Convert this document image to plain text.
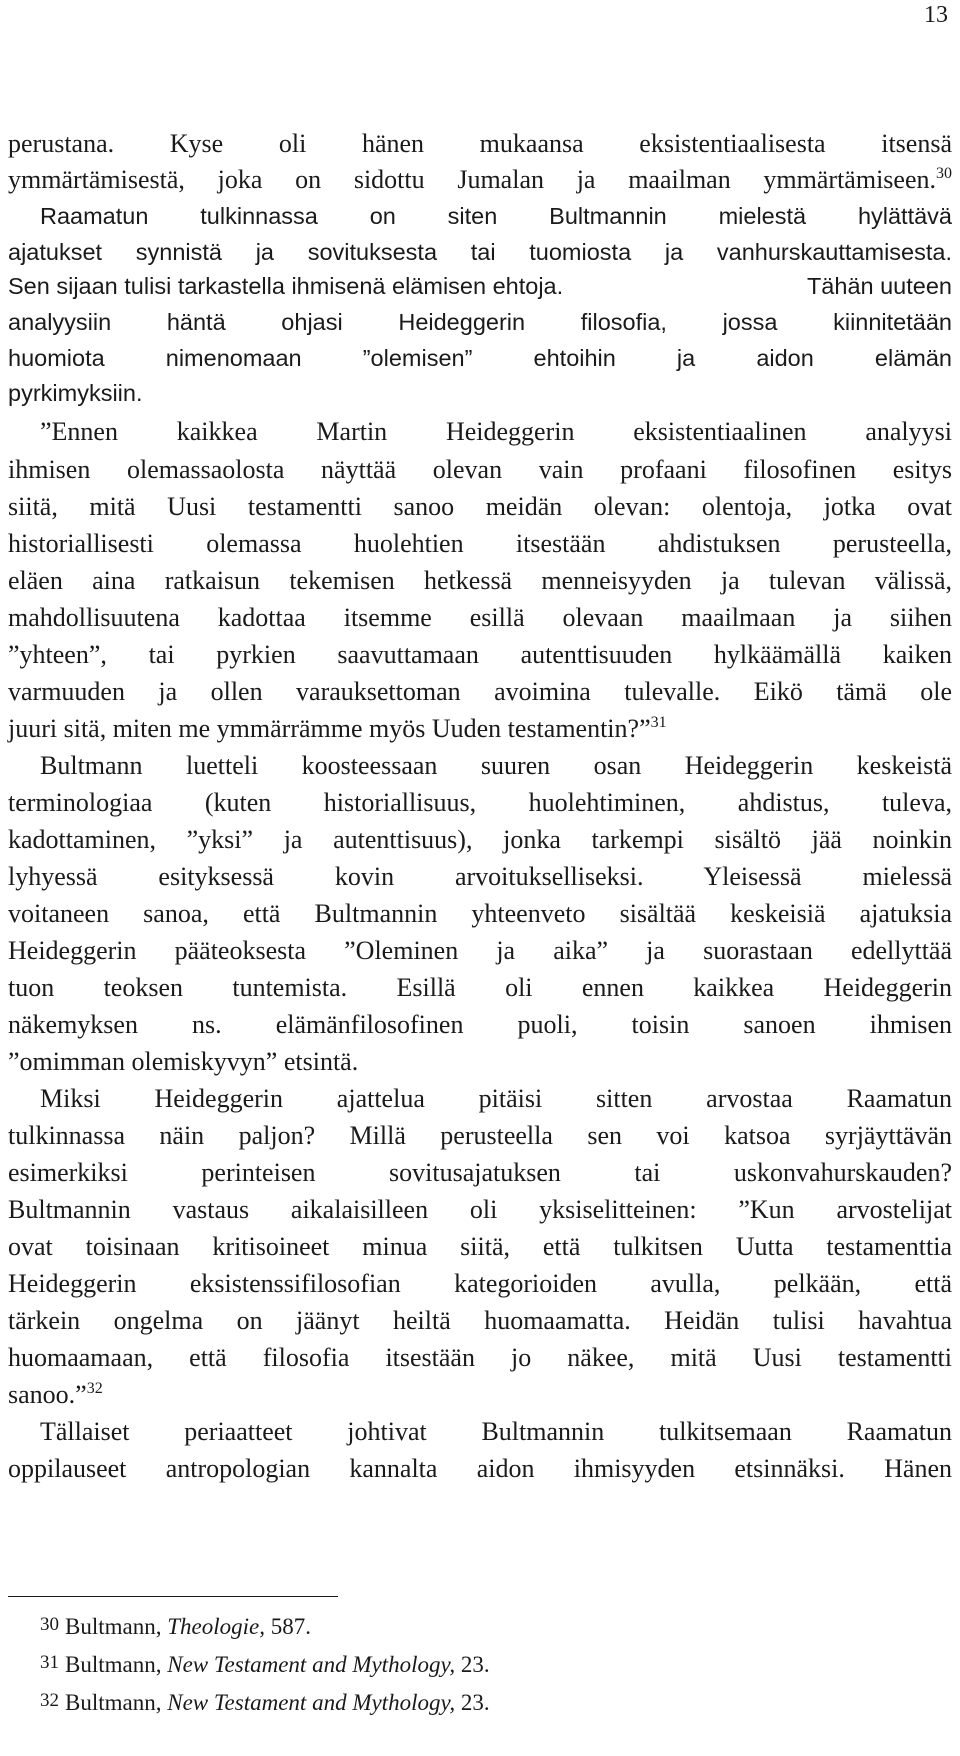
13
perustana. Kyse oli hänen mukaansa eksistentiaalisesta itsensä
ymmärtämisestä, joka on sidottu Jumalan ja maailman ymmärtämiseen.$^{30}$
Raamatun tulkinnassa on siten Bultmannin mielestä hylättävä
ajatukset synnistä ja sovituksesta tai tuomiosta ja vanhurskauttamisesta.
Sen sijaan tulisi tarkastella ihmisenä elämisen ehtoja.	Tähän uuteen
analyysiin häntä ohjasi Heideggerin filosofia, jossa kiinnitetään
huomiota nimenomaan ”olemisen” ehtoihin ja aidon elämän
pyrkimyksiin.
”Ennen kaikkea Martin Heideggerin eksistentiaalinen analyysi
ihmisen olemassaolosta näyttää olevan vain profaani filosofinen esitys
siitä, mitä Uusi testamentti sanoo meidän olevan: olentoja, jotka ovat
historiallisesti olemassa huolehtien itsestään ahdistuksen perusteella,
eläen aina ratkaisun tekemisen hetkessä menneisyyden ja tulevan välissä,
mahdollisuutena kadottaa itsemme esillä olevaan maailmaan ja siihen
”yhteen”, tai pyrkien saavuttamaan autenttisuuden hylkäämällä kaiken
varmuuden ja ollen varauksettoman avoimina tulevalle. Eikö tämä ole
juuri sitä, miten me ymmärrämme myös Uuden testamentin?”$^{31}$
Bultmann luetteli koosteessaan suuren osan Heideggerin keskeistä
terminologiaa (kuten historiallisuus, huolehtiminen, ahdistus, tuleva,
kadottaminen, ”yksi” ja autenttisuus), jonka tarkempi sisältö jää noinkin
lyhyessä esityksessä kovin arvoitukselliseksi. Yleisessä mielessä
voitaneen sanoa, että Bultmannin yhteenveto sisältää keskeisiä ajatuksia
Heideggerin pääteoksesta ”Oleminen ja aika” ja suorastaan edellyttää
tuon teoksen tuntemista. Esillä oli ennen kaikkea Heideggerin
näkemyksen ns. elämänfilosofinen puoli, toisin sanoen ihmisen
”omimman olemiskyvyn” etsintä.
Miksi Heideggerin ajattelua pitäisi sitten arvostaa Raamatun
tulkinnassa näin paljon? Millä perusteella sen voi katsoa syrjäyttävän
esimerkiksi perinteisen sovitusajatuksen tai uskonvahurskauden?
Bultmannin vastaus aikalaisilleen oli yksiselitteinen: ”Kun arvostelijat
ovat toisinaan kritisoineet minua siitä, että tulkitsen Uutta testamenttia
Heideggerin eksistenssifilosofian kategorioiden avulla, pelkään, että
tärkein ongelma on jäänyt heiltä huomaamatta. Heidän tulisi havahtua
huomaamaan, että filosofia itsestään jo näkee, mitä Uusi testamentti
sanoo.”$^{32}$
Tällaiset periaatteet johtivat Bultmannin tulkitsemaan Raamatun
oppilauseet antropologian kannalta aidon ihmisyyden etsinnäksi. Hänen
30 Bultmann, Theologie, 587.
31 Bultmann, New Testament and Mythology, 23.
32 Bultmann, New Testament and Mythology, 23.
